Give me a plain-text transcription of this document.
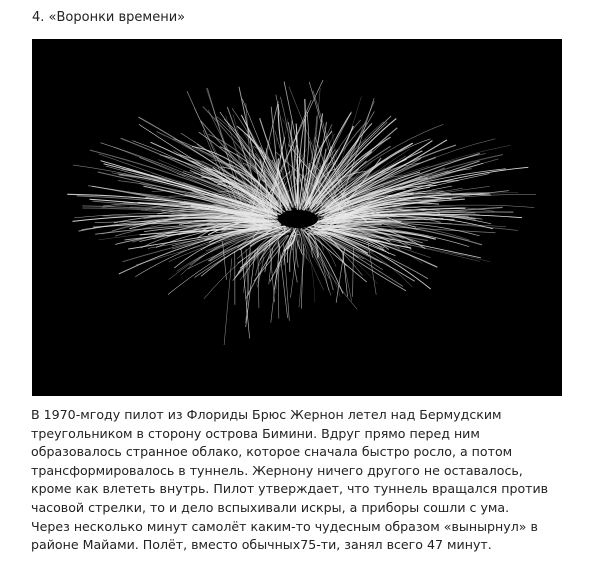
4. «Воронки времени»
В 1970-мгоду пилот из Флориды Брюс Жернон летел над Бермудским
треугольником в сторону острова Бимини. Вдруг прямо перед ним
образовалось странное облако, которое сначала быстро росло, а потом
трансформировалось в туннель. Жернону ничего другого не оставалось,
кроме как влететь внутрь. Пилот утверждает, что туннель вращался против
часовой стрелки, то и дело вспыхивали искры, а приборы сошли с ума.
Через несколько минут самолёт каким-то чудесным образом «вынырнул» в
районе Майами. Полёт, вместо обычных75-ти, занял всего 47 минут.
